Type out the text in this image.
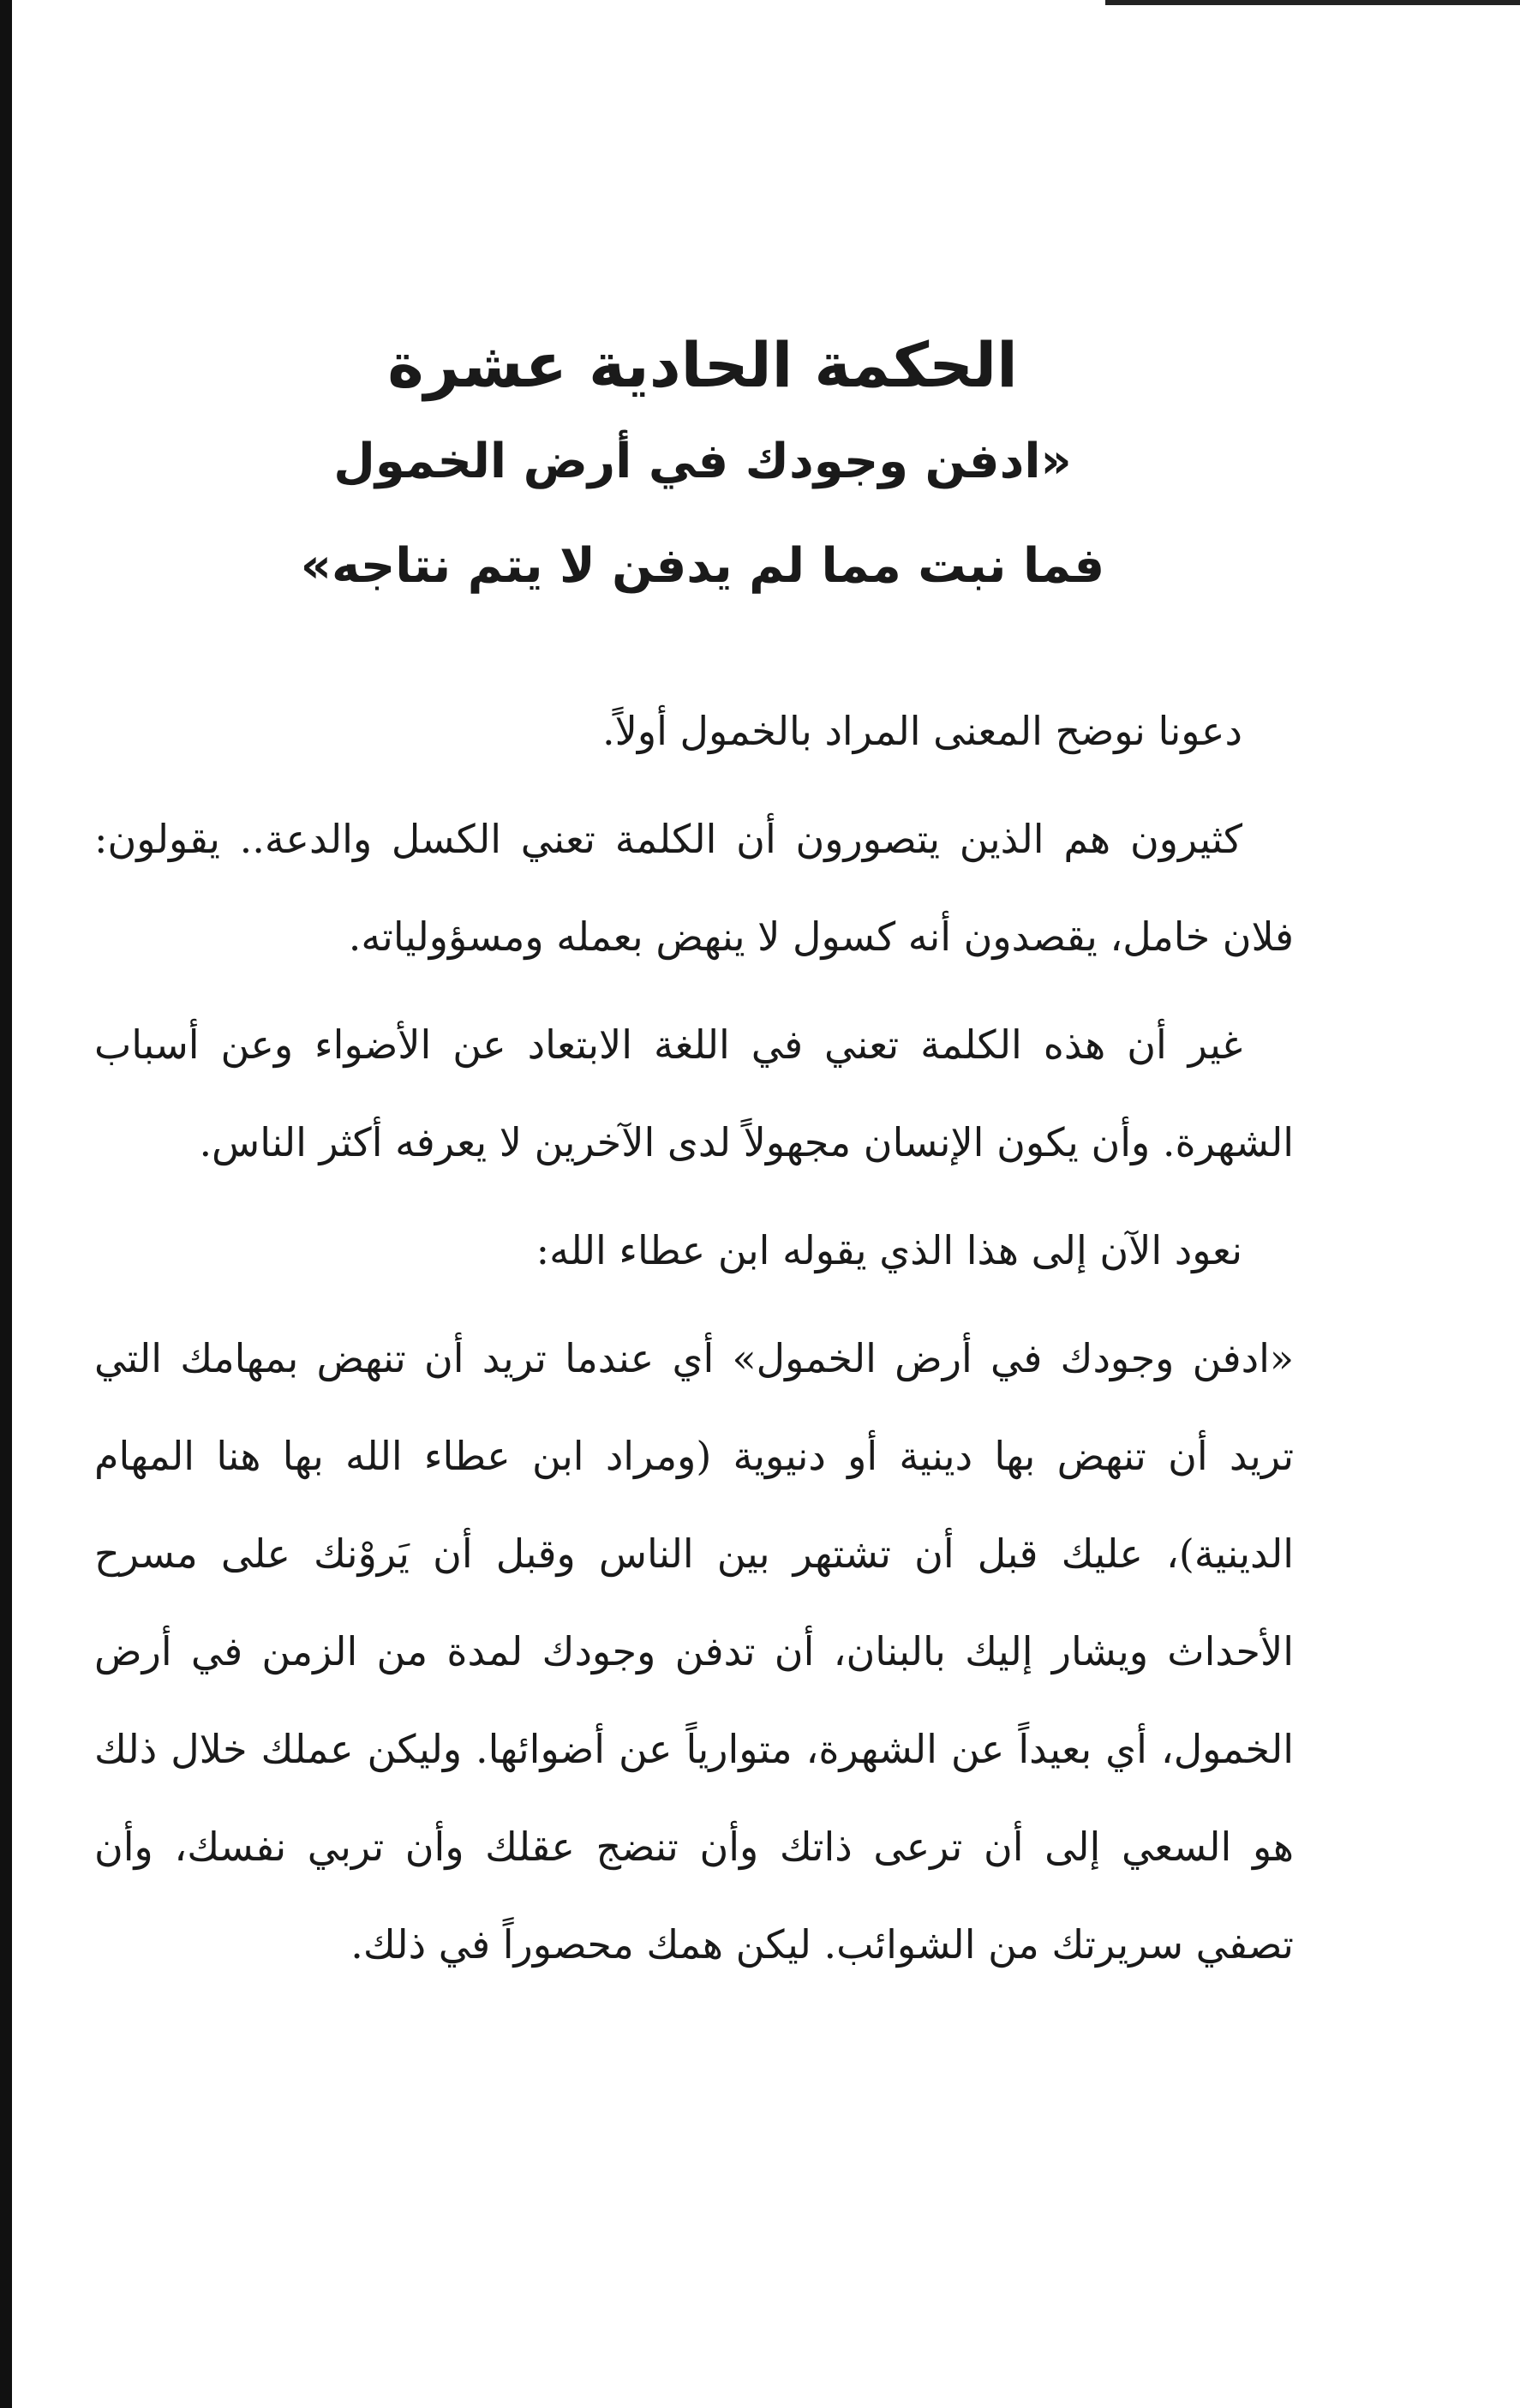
الحكمة الحادية عشرة
«ادفن وجودك في أرض الخمول
فما نبت مما لم يدفن لا يتم نتاجه»

دعونا نوضح المعنى المراد بالخمول أولاً.

كثيرون هم الذين يتصورون أن الكلمة تعني الكسل والدعة.. يقولون: فلان خامل، يقصدون أنه كسول لا ينهض بعمله ومسؤولياته.

غير أن هذه الكلمة تعني في اللغة الابتعاد عن الأضواء وعن أسباب الشهرة. وأن يكون الإنسان مجهولاً لدى الآخرين لا يعرفه أكثر الناس.

نعود الآن إلى هذا الذي يقوله ابن عطاء الله:

«ادفن وجودك في أرض الخمول» أي عندما تريد أن تنهض بمهامك التي تريد أن تنهض بها دينية أو دنيوية (ومراد ابن عطاء الله بها هنا المهام الدينية)، عليك قبل أن تشتهر بين الناس وقبل أن يَروْنك على مسرح الأحداث ويشار إليك بالبنان، أن تدفن وجودك لمدة من الزمن في أرض الخمول، أي بعيداً عن الشهرة، متوارياً عن أضوائها. وليكن عملك خلال ذلك هو السعي إلى أن ترعى ذاتك وأن تنضج عقلك وأن تربي نفسك، وأن تصفي سريرتك من الشوائب. ليكن همك محصوراً في ذلك.
